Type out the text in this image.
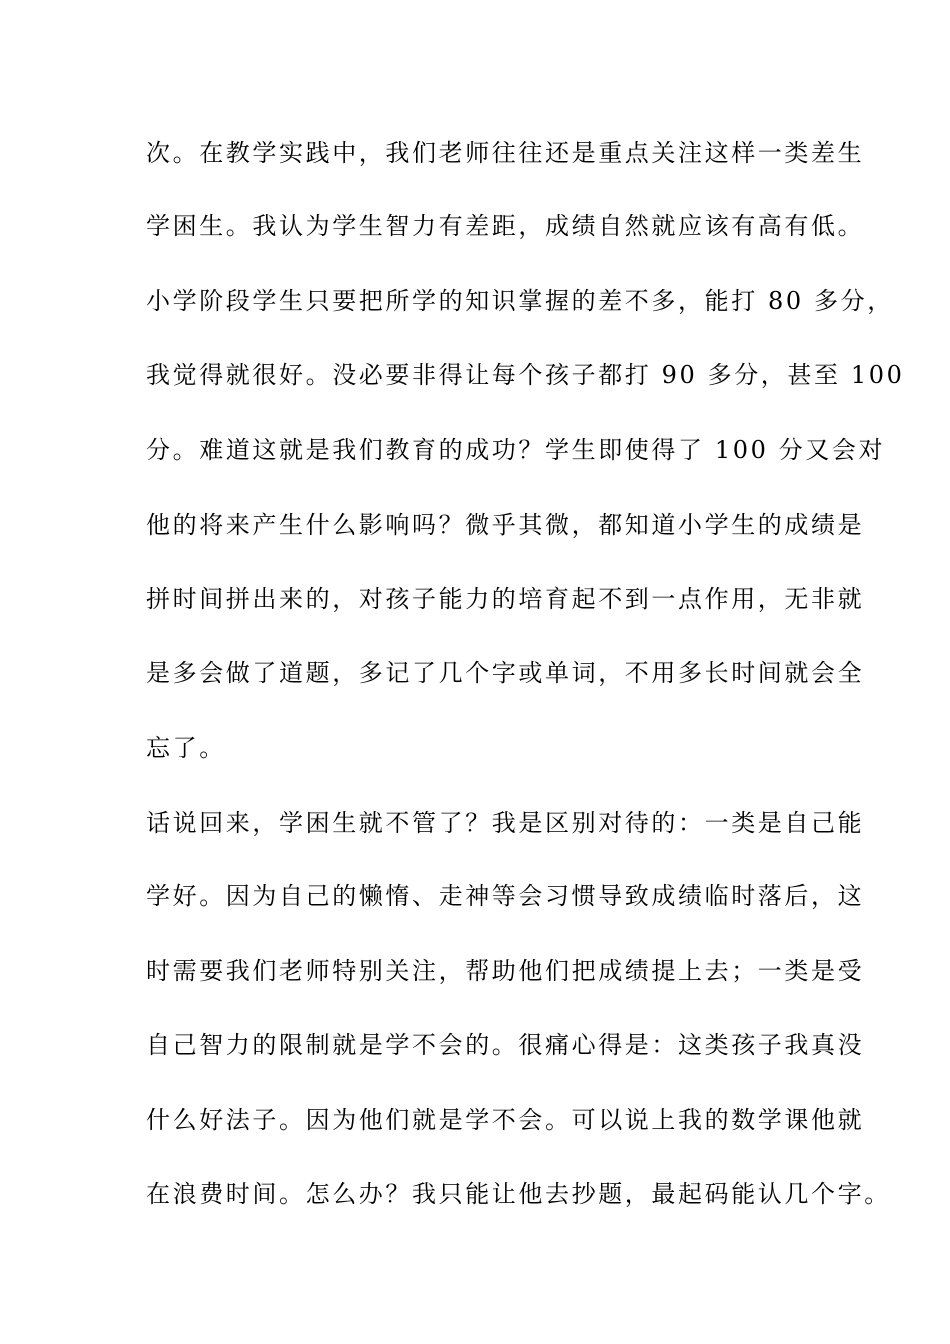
次。在教学实践中，我们老师往往还是重点关注这样一类差生
学困生。我认为学生智力有差距，成绩自然就应该有高有低。
小学阶段学生只要把所学的知识掌握的差不多，能打 80 多分，
我觉得就很好。没必要非得让每个孩子都打 90 多分，甚至 100
分。难道这就是我们教育的成功？学生即使得了 100 分又会对
他的将来产生什么影响吗？微乎其微，都知道小学生的成绩是
拼时间拼出来的，对孩子能力的培育起不到一点作用，无非就
是多会做了道题，多记了几个字或单词，不用多长时间就会全
忘了。
话说回来，学困生就不管了？我是区别对待的：一类是自己能
学好。因为自己的懒惰、走神等会习惯导致成绩临时落后，这
时需要我们老师特别关注，帮助他们把成绩提上去；一类是受
自己智力的限制就是学不会的。很痛心得是：这类孩子我真没
什么好法子。因为他们就是学不会。可以说上我的数学课他就
在浪费时间。怎么办？我只能让他去抄题，最起码能认几个字。
